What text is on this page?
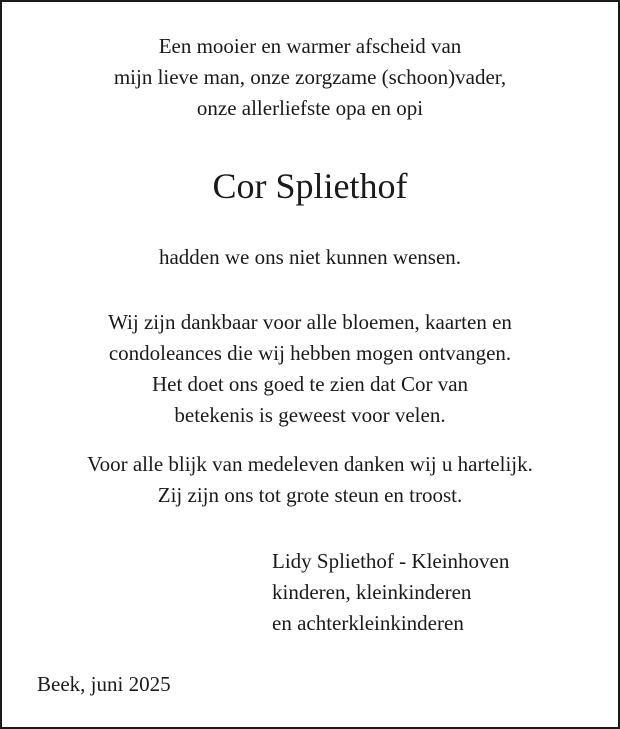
Een mooier en warmer afscheid van
mijn lieve man, onze zorgzame (schoon)vader,
onze allerliefste opa en opi
Cor Spliethof
hadden we ons niet kunnen wensen.
Wij zijn dankbaar voor alle bloemen, kaarten en
condoleances die wij hebben mogen ontvangen.
Het doet ons goed te zien dat Cor van
betekenis is geweest voor velen.
Voor alle blijk van medeleven danken wij u hartelijk.
Zij zijn ons tot grote steun en troost.
Lidy Spliethof - Kleinhoven
kinderen, kleinkinderen
en achterkleinkinderen
Beek, juni 2025
